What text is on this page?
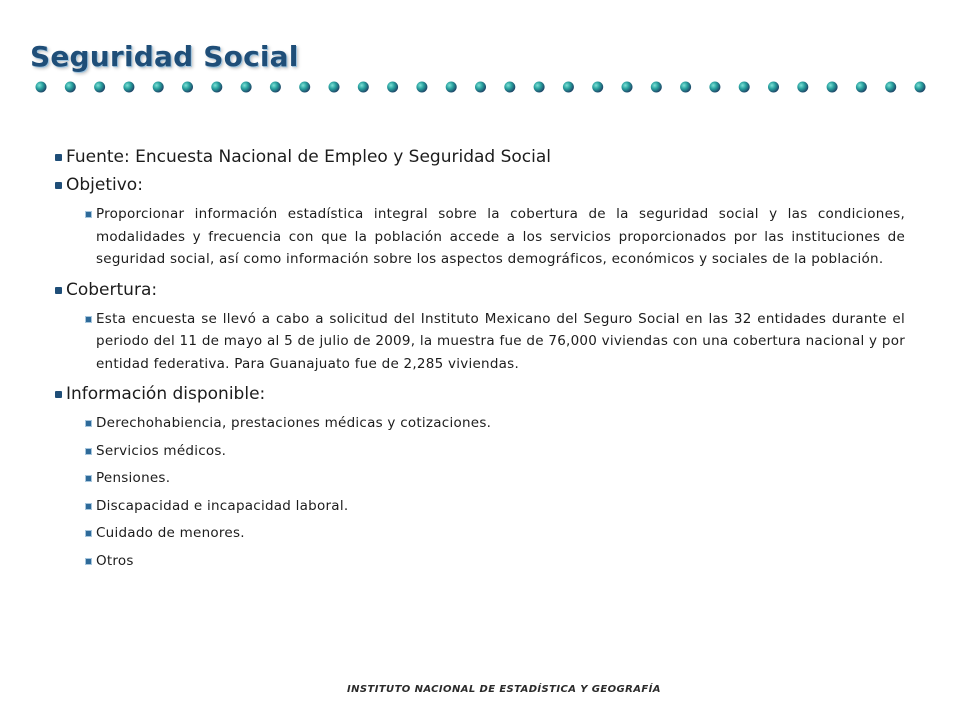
Seguridad Social
Fuente: Encuesta Nacional de Empleo y Seguridad Social
Objetivo:
Proporcionar información estadística integral sobre la cobertura de la seguridad social y las condiciones, modalidades y frecuencia con que la población accede a los servicios proporcionados por las instituciones de seguridad social, así como información sobre los aspectos demográficos, económicos y sociales de la población.
Cobertura:
Esta encuesta se llevó a cabo a solicitud del Instituto Mexicano del Seguro Social en las 32 entidades durante el periodo del 11 de mayo al 5 de julio de 2009, la muestra fue de 76,000 viviendas con una cobertura nacional y por entidad federativa. Para Guanajuato fue de 2,285 viviendas.
Información disponible:
Derechohabiencia, prestaciones médicas y cotizaciones.
Servicios médicos.
Pensiones.
Discapacidad e incapacidad laboral.
Cuidado de menores.
Otros
INSTITUTO NACIONAL DE ESTADÍSTICA Y GEOGRAFÍA
